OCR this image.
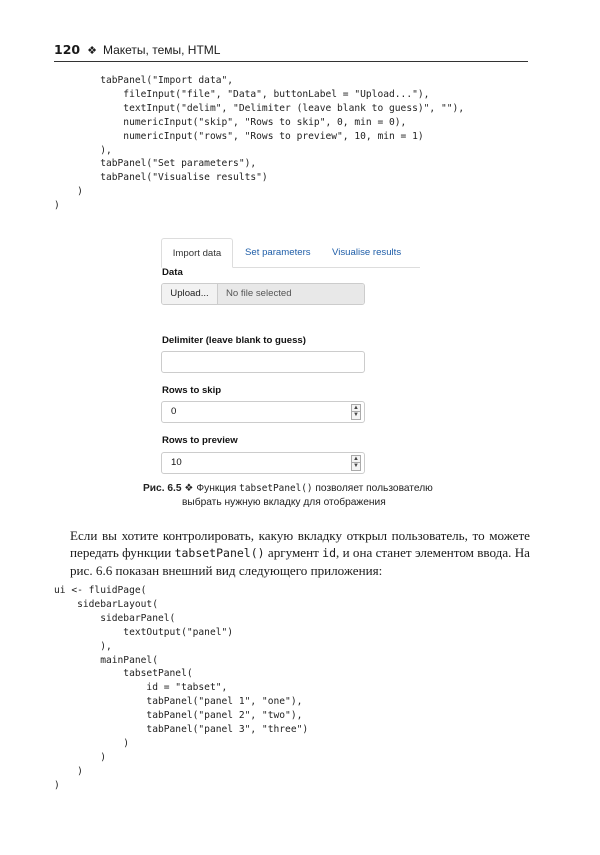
120 ❖ Макеты, темы, HTML
tabPanel("Import data",
fileInput("file", "Data", buttonLabel = "Upload..."),
textInput("delim", "Delimiter (leave blank to guess)", ""),
numericInput("skip", "Rows to skip", 0, min = 0),
numericInput("rows", "Rows to preview", 10, min = 1)
),
tabPanel("Set parameters"),
tabPanel("Visualise results")
)
)
Import data	Set parameters	Visualise results
Data
Upload...	No file selected
Delimiter (leave blank to guess)
Rows to skip
0	▲
▼
Rows to preview
10	▲
▼
Рис. 6.5 ❖ Функция tabsetPanel() позволяет пользователю
выбрать нужную вкладку для отображения
Если вы хотите контролировать, какую вкладку открыл пользователь, то можете передать функции tabsetPanel() аргумент id, и она станет элементом ввода. На рис. 6.6 показан внешний вид следующего приложения:
ui <- fluidPage(
sidebarLayout(
sidebarPanel(
textOutput("panel")
),
mainPanel(
tabsetPanel(
id = "tabset",
tabPanel("panel 1", "one"),
tabPanel("panel 2", "two"),
tabPanel("panel 3", "three")
)
)
)
)
